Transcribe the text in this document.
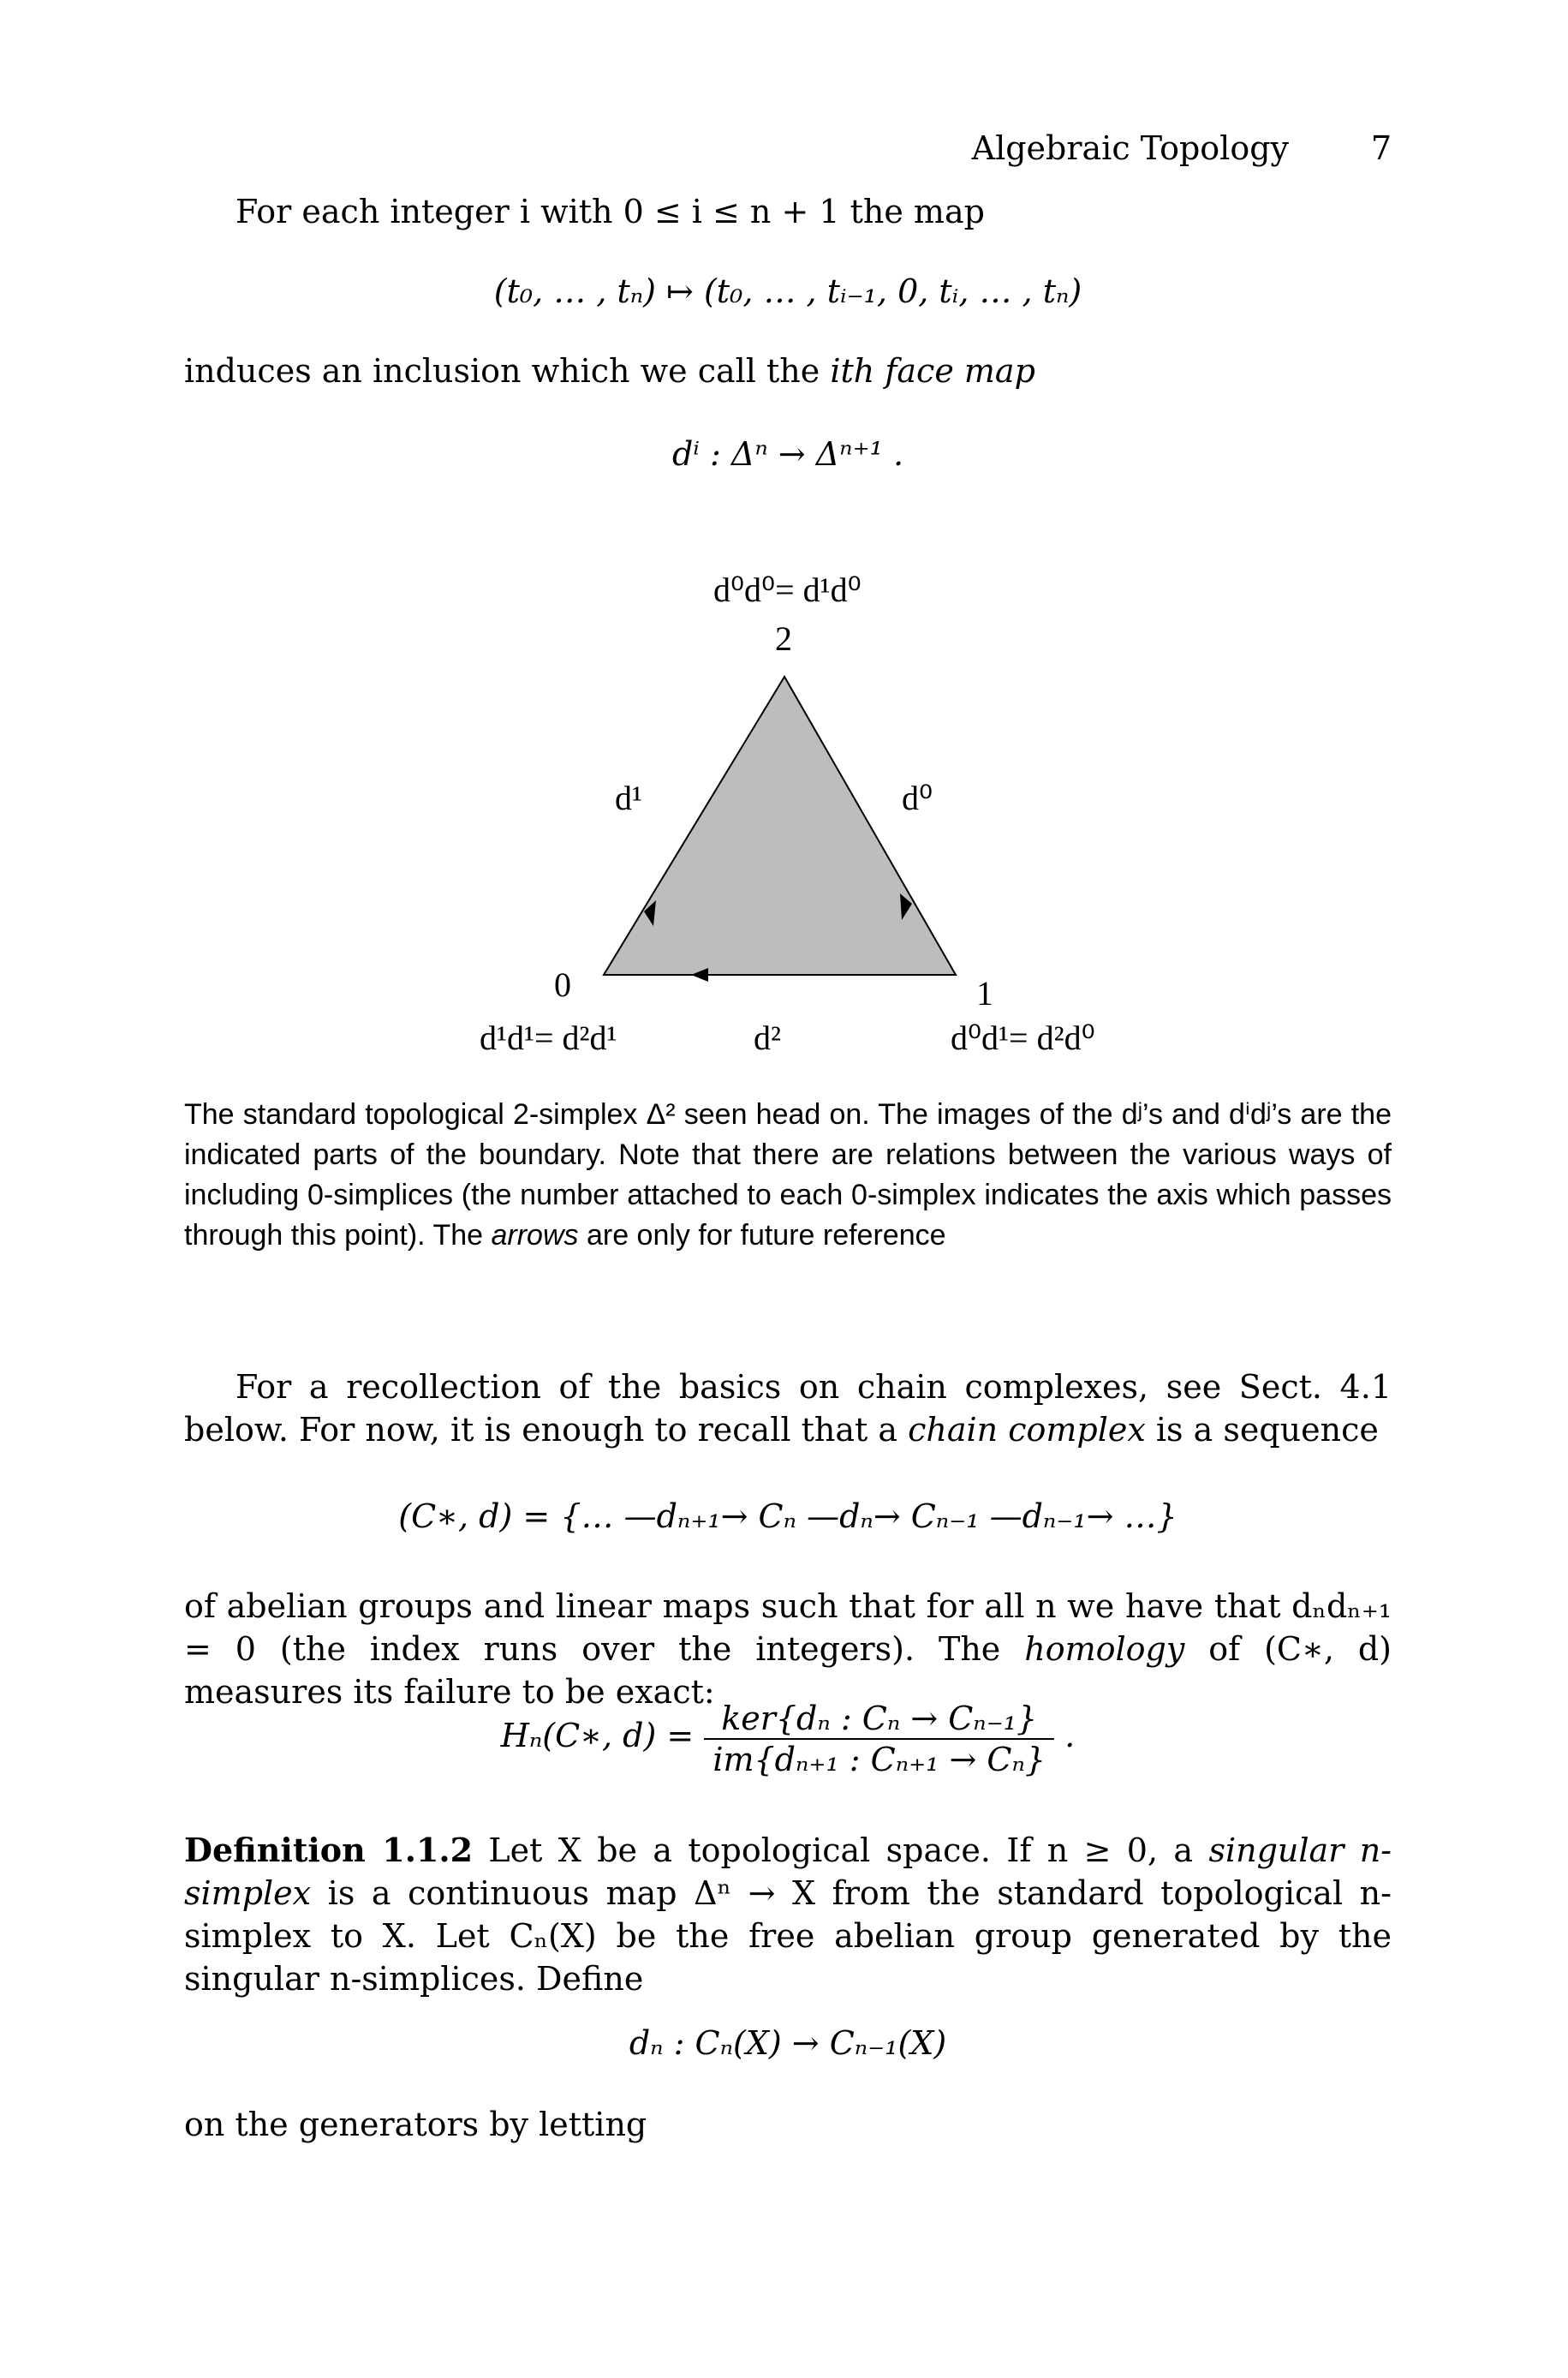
Algebraic Topology	7
For each integer i with 0 ≤ i ≤ n + 1 the map
(t₀, … , tₙ) ↦ (t₀, … , tᵢ₋₁, 0, tᵢ, … , tₙ)
induces an inclusion which we call the ith face map
dⁱ : Δⁿ → Δⁿ⁺¹ .
d⁰d⁰= d¹d⁰
2
d¹	d⁰
0	1
d¹d¹= d²d¹	d²	d⁰d¹= d²d⁰
The standard topological 2-simplex Δ² seen head on. The images of the dʲ’s and dⁱdʲ’s are the indicated parts of the boundary. Note that there are relations between the various ways of including 0-simplices (the number attached to each 0-simplex indicates the axis which passes through this point). The arrows are only for future reference
For a recollection of the basics on chain complexes, see Sect. 4.1 below. For now, it is enough to recall that a chain complex is a sequence
(C∗, d) = {… —dₙ₊₁→ Cₙ —dₙ→ Cₙ₋₁ —dₙ₋₁→ …}
of abelian groups and linear maps such that for all n we have that dₙdₙ₊₁ = 0 (the index runs over the integers). The homology of (C∗, d) measures its failure to be exact:
Hₙ(C∗, $d) = \frac{\text{ker\{dₙ : Cₙ → Cₙ₋₁\}}}{\text{im\{dₙ₊₁ : Cₙ₊₁ → Cₙ\}}}$ .
Definition 1.1.2 Let X be a topological space. If n ≥ 0, a singular n-simplex is a continuous map Δⁿ → X from the standard topological n-simplex to X. Let Cₙ(X) be the free abelian group generated by the singular n-simplices. Define
dₙ : Cₙ(X) → Cₙ₋₁(X)
on the generators by letting
